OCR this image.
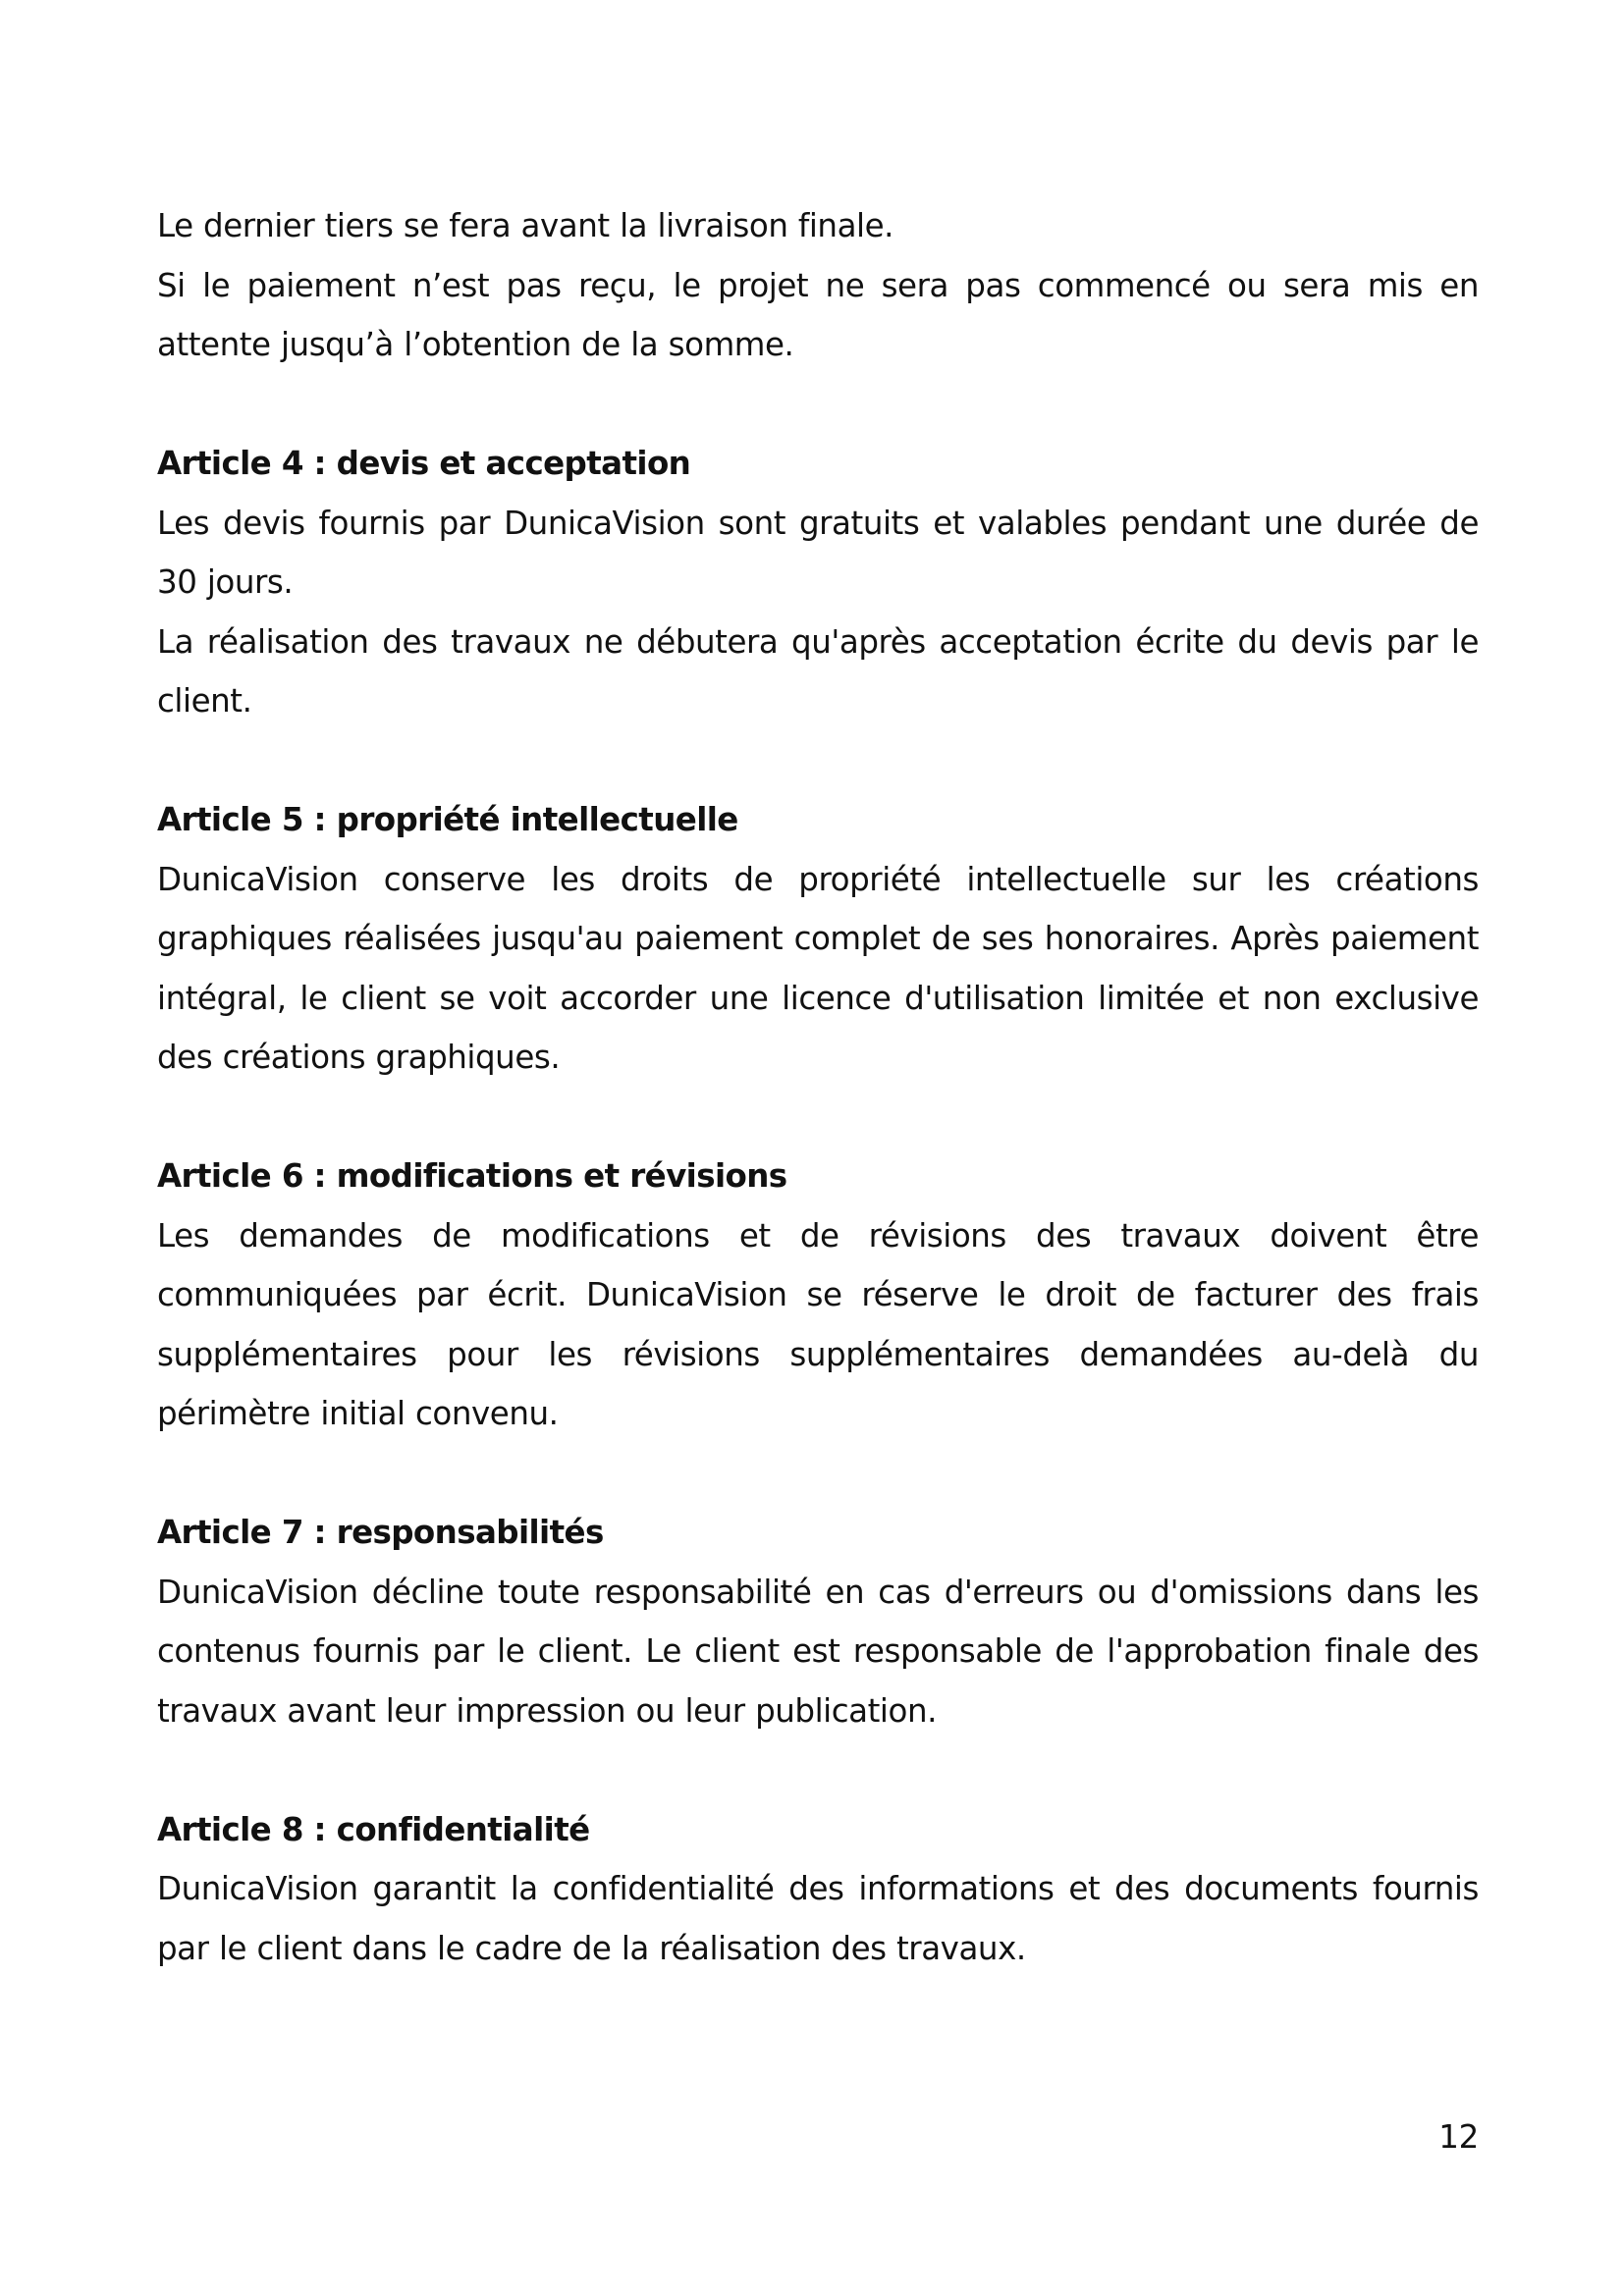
Le dernier tiers se fera avant la livraison finale.

Si le paiement n’est pas reçu, le projet ne sera pas commencé ou sera mis en attente jusqu’à l’obtention de la somme.

Article 4 : devis et acceptation

Les devis fournis par DunicaVision sont gratuits et valables pendant une durée de 30 jours.

La réalisation des travaux ne débutera qu'après acceptation écrite du devis par le client.

Article 5 : propriété intellectuelle

DunicaVision conserve les droits de propriété intellectuelle sur les créations graphiques réalisées jusqu'au paiement complet de ses honoraires. Après paiement intégral, le client se voit accorder une licence d'utilisation limitée et non exclusive des créations graphiques.

Article 6 : modifications et révisions

Les demandes de modifications et de révisions des travaux doivent être communiquées par écrit. DunicaVision se réserve le droit de facturer des frais supplémentaires pour les révisions supplémentaires demandées au-delà du périmètre initial convenu.

Article 7 : responsabilités

DunicaVision décline toute responsabilité en cas d'erreurs ou d'omissions dans les contenus fournis par le client. Le client est responsable de l'approbation finale des travaux avant leur impression ou leur publication.

Article 8 : confidentialité

DunicaVision garantit la confidentialité des informations et des documents fournis par le client dans le cadre de la réalisation des travaux.

12
